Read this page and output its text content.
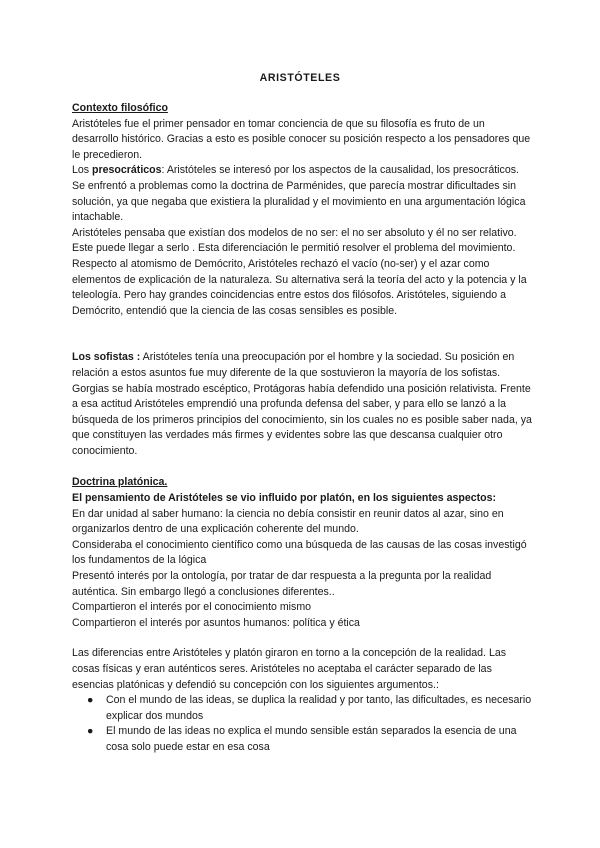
ARISTÓTELES

Contexto filosófico

Aristóteles fue el primer pensador en tomar conciencia de que su filosofía es fruto de un desarrollo histórico. Gracias a esto es posible conocer su posición respecto a los pensadores que le precedieron.

Los presocráticos: Aristóteles se interesó por los aspectos de la causalidad, los presocráticos. Se enfrentó a problemas como la doctrina de Parménides, que parecía mostrar dificultades sin solución, ya que negaba que existiera la pluralidad y el movimiento en una argumentación lógica intachable.

Aristóteles pensaba que existían dos modelos de no ser: el no ser absoluto y él no ser relativo. Este puede llegar a serlo . Esta diferenciación le permitió resolver el problema del movimiento.

Respecto al atomismo de Demócrito, Aristóteles rechazó el vacío (no-ser) y el azar como elementos de explicación de la naturaleza. Su alternativa será la teoría del acto y la potencia y la teleología. Pero hay grandes coincidencias entre estos dos filósofos. Aristóteles, siguiendo a Demócrito, entendió que la ciencia de las cosas sensibles es posible.

Los sofistas : Aristóteles tenía una preocupación por el hombre y la sociedad. Su posición en relación a estos asuntos fue muy diferente de la que sostuvieron la mayoría de los sofistas. Gorgias se había mostrado escéptico, Protágoras había defendido una posición relativista. Frente a esa actitud Aristóteles emprendió una profunda defensa del saber, y para ello se lanzó a la búsqueda de los primeros principios del conocimiento, sin los cuales no es posible saber nada, ya que constituyen las verdades más firmes y evidentes sobre las que descansa cualquier otro conocimiento.

Doctrina platónica.

El pensamiento de Aristóteles se vio influido por platón, en los siguientes aspectos:

En dar unidad al saber humano: la ciencia no debía consistir en reunir datos al azar, sino en organizarlos dentro de una explicación coherente del mundo.

Consideraba el conocimiento científico como una búsqueda de las causas de las cosas investigó los fundamentos de la lógica

Presentó interés por la ontología, por tratar de dar respuesta a la pregunta por la realidad auténtica. Sin embargo llegó a conclusiones diferentes..

Compartieron el interés por el conocimiento mismo

Compartieron el interés por asuntos humanos: política y ética

Las diferencias entre Aristóteles y platón giraron en torno a la concepción de la realidad. Las cosas físicas y eran auténticos seres. Aristóteles no aceptaba el carácter separado de las esencias platónicas y defendió su concepción con los siguientes argumentos.:

● Con el mundo de las ideas, se duplica la realidad y por tanto, las dificultades, es necesario explicar dos mundos
● El mundo de las ideas no explica el mundo sensible están separados la esencia de una cosa solo puede estar en esa cosa
